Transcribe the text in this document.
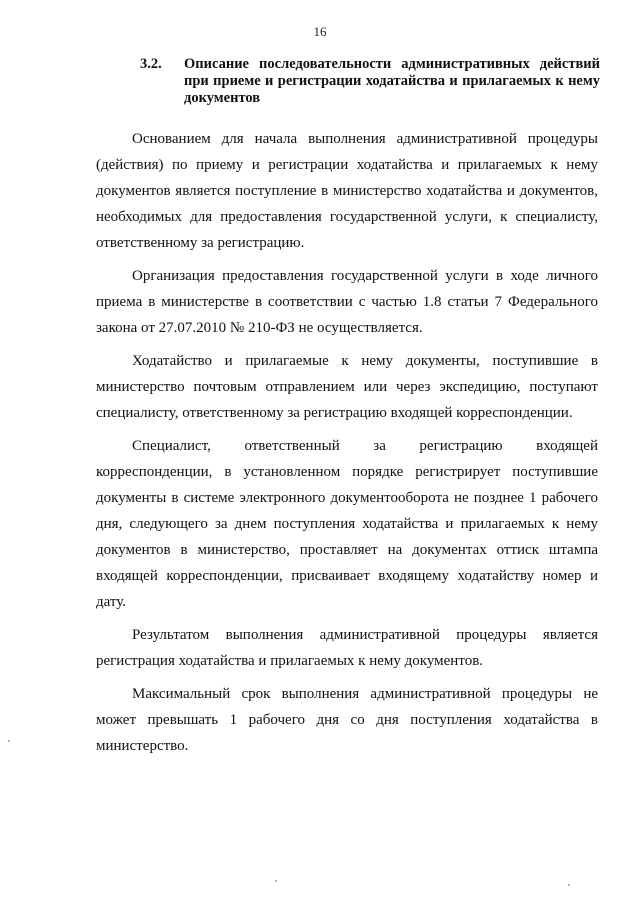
16
3.2. Описание последовательности административных действий при приеме и регистрации ходатайства и прилагаемых к нему документов

Основанием для начала выполнения административной процедуры (действия) по приему и регистрации ходатайства и прилагаемых к нему документов является поступление в министерство ходатайства и документов, необходимых для предоставления государственной услуги, к специалисту, ответственному за регистрацию.

Организация предоставления государственной услуги в ходе личного приема в министерстве в соответствии с частью 1.8 статьи 7 Федерального закона от 27.07.2010 № 210-ФЗ не осуществляется.

Ходатайство и прилагаемые к нему документы, поступившие в министерство почтовым отправлением или через экспедицию, поступают специалисту, ответственному за регистрацию входящей корреспонденции.

Специалист, ответственный за регистрацию входящей корреспонденции, в установленном порядке регистрирует поступившие документы в системе электронного документооборота не позднее 1 рабочего дня, следующего за днем поступления ходатайства и прилагаемых к нему документов в министерство, проставляет на документах оттиск штампа входящей корреспонденции, присваивает входящему ходатайству номер и дату.

Результатом выполнения административной процедуры является регистрация ходатайства и прилагаемых к нему документов.

Максимальный срок выполнения административной процедуры не может превышать 1 рабочего дня со дня поступления ходатайства в министерство.
